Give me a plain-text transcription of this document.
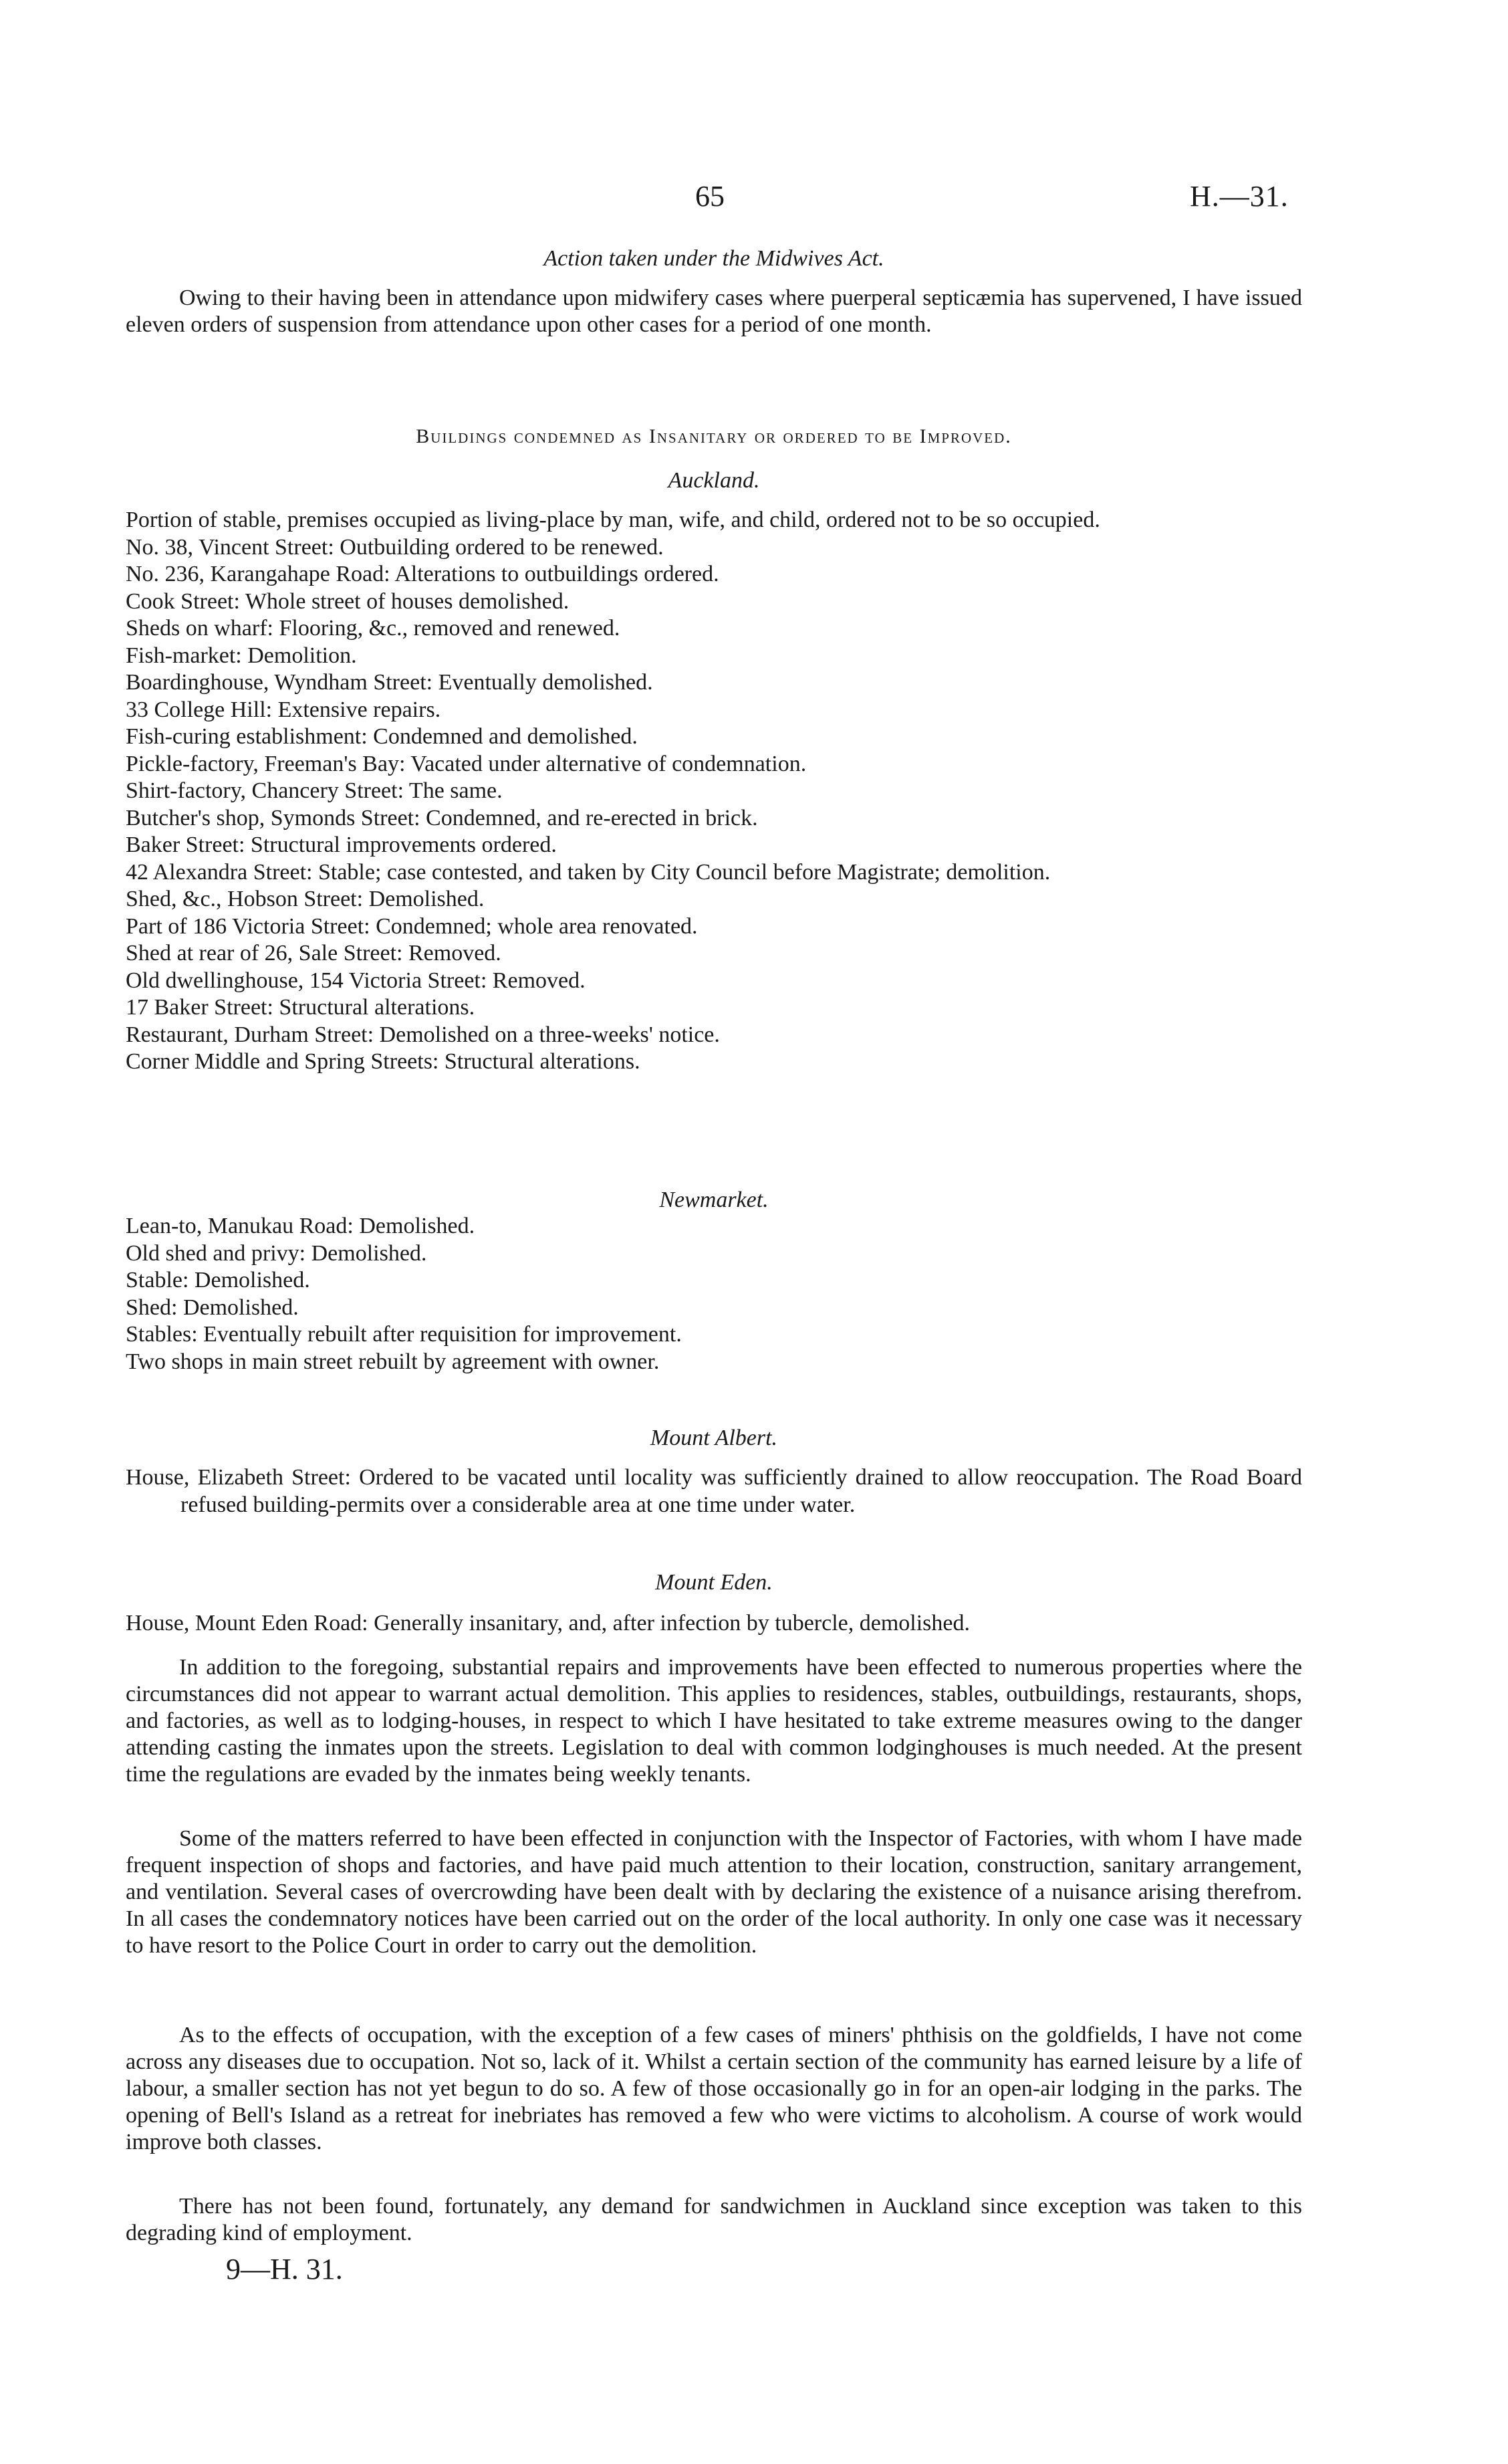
65	H.—31.
Action taken under the Midwives Act.

Owing to their having been in attendance upon midwifery cases where puerperal septicæmia has supervened, I have issued eleven orders of suspension from attendance upon other cases for a period of one month.

Buildings condemned as Insanitary or ordered to be Improved.
Auckland.
Portion of stable, premises occupied as living-place by man, wife, and child, ordered not to be so occupied.
No. 38, Vincent Street: Outbuilding ordered to be renewed.
No. 236, Karangahape Road: Alterations to outbuildings ordered.
Cook Street: Whole street of houses demolished.
Sheds on wharf: Flooring, &c., removed and renewed.
Fish-market: Demolition.
Boardinghouse, Wyndham Street: Eventually demolished.
33 College Hill: Extensive repairs.
Fish-curing establishment: Condemned and demolished.
Pickle-factory, Freeman's Bay: Vacated under alternative of condemnation.
Shirt-factory, Chancery Street: The same.
Butcher's shop, Symonds Street: Condemned, and re-erected in brick.
Baker Street: Structural improvements ordered.
42 Alexandra Street: Stable; case contested, and taken by City Council before Magistrate; demolition.
Shed, &c., Hobson Street: Demolished.
Part of 186 Victoria Street: Condemned; whole area renovated.
Shed at rear of 26, Sale Street: Removed.
Old dwellinghouse, 154 Victoria Street: Removed.
17 Baker Street: Structural alterations.
Restaurant, Durham Street: Demolished on a three-weeks' notice.
Corner Middle and Spring Streets: Structural alterations.
Newmarket.
Lean-to, Manukau Road: Demolished.
Old shed and privy: Demolished.
Stable: Demolished.
Shed: Demolished.
Stables: Eventually rebuilt after requisition for improvement.
Two shops in main street rebuilt by agreement with owner.
Mount Albert.
House, Elizabeth Street: Ordered to be vacated until locality was sufficiently drained to allow reoccupation. The Road Board refused building-permits over a considerable area at one time under water.
Mount Eden.
House, Mount Eden Road: Generally insanitary, and, after infection by tubercle, demolished.

In addition to the foregoing, substantial repairs and improvements have been effected to numerous properties where the circumstances did not appear to warrant actual demolition. This applies to residences, stables, outbuildings, restaurants, shops, and factories, as well as to lodging-houses, in respect to which I have hesitated to take extreme measures owing to the danger attending casting the inmates upon the streets. Legislation to deal with common lodginghouses is much needed. At the present time the regulations are evaded by the inmates being weekly tenants.

Some of the matters referred to have been effected in conjunction with the Inspector of Factories, with whom I have made frequent inspection of shops and factories, and have paid much attention to their location, construction, sanitary arrangement, and ventilation. Several cases of overcrowding have been dealt with by declaring the existence of a nuisance arising therefrom. In all cases the condemnatory notices have been carried out on the order of the local authority. In only one case was it necessary to have resort to the Police Court in order to carry out the demolition.

As to the effects of occupation, with the exception of a few cases of miners' phthisis on the goldfields, I have not come across any diseases due to occupation. Not so, lack of it. Whilst a certain section of the community has earned leisure by a life of labour, a smaller section has not yet begun to do so. A few of those occasionally go in for an open-air lodging in the parks. The opening of Bell's Island as a retreat for inebriates has removed a few who were victims to alcoholism. A course of work would improve both classes.

There has not been found, fortunately, any demand for sandwichmen in Auckland since exception was taken to this degrading kind of employment.

9—H. 31.
